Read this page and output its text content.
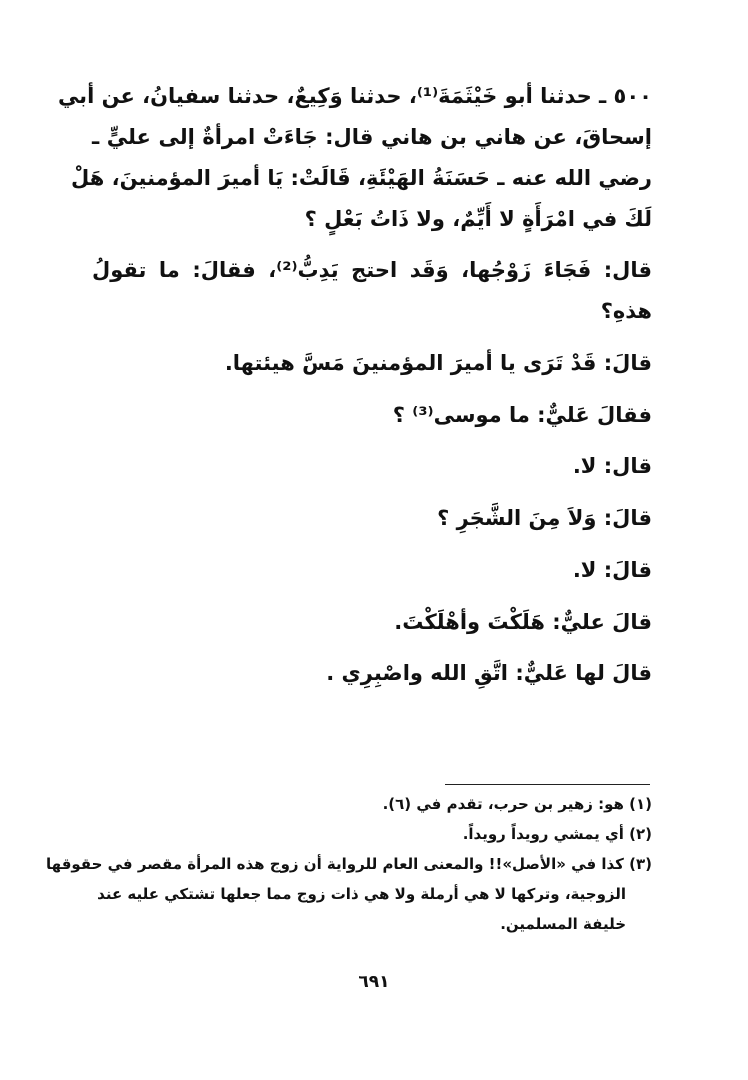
٥٠٠ ـ حدثنا أبو خَيْثَمَةَ⁽¹⁾، حدثنا وَكِيعٌ، حدثنا سفيانُ، عن أبي
إسحاقَ، عن هاني بن هاني قال: جَاءَتْ امرأةٌ إلى عليٍّ ـ
رضي الله عنه ـ حَسَنَةُ الهَيْئَةِ، قَالَتْ: يَا أميرَ المؤمنينَ، هَلْ
لَكَ في امْرَأَةٍ لا أَيِّمٌ، ولا ذَاتُ بَعْلٍ ؟
قال: فَجَاءَ زَوْجُها، وَقَد احتج يَدِبُّ⁽²⁾، فقالَ: ما تقولُ
هذهِ؟
قالَ: قَدْ تَرَى يا أميرَ المؤمنينَ مَسَّ هيئتها.
فقالَ عَليٌّ: ما موسى⁽³⁾ ؟
قال: لا.
قالَ: وَلاَ مِنَ الشَّجَرِ ؟
قالَ: لا.
قالَ عليٌّ: هَلَكْتَ وأهْلَكْتَ.
قالَ لها عَليٌّ: اتَّقِ الله واصْبِرِي .
(١) هو: زهير بن حرب، تقدم في (٦).
(٢) أي يمشي رويداً رويداً.
(٣) كذا في «الأصل»!! والمعنى العام للرواية أن زوج هذه المرأة مقصر في حقوقها
الزوجية، وتركها لا هي أرملة ولا هي ذات زوج مما جعلها تشتكي عليه عند
خليفة المسلمين.
٦٩١
